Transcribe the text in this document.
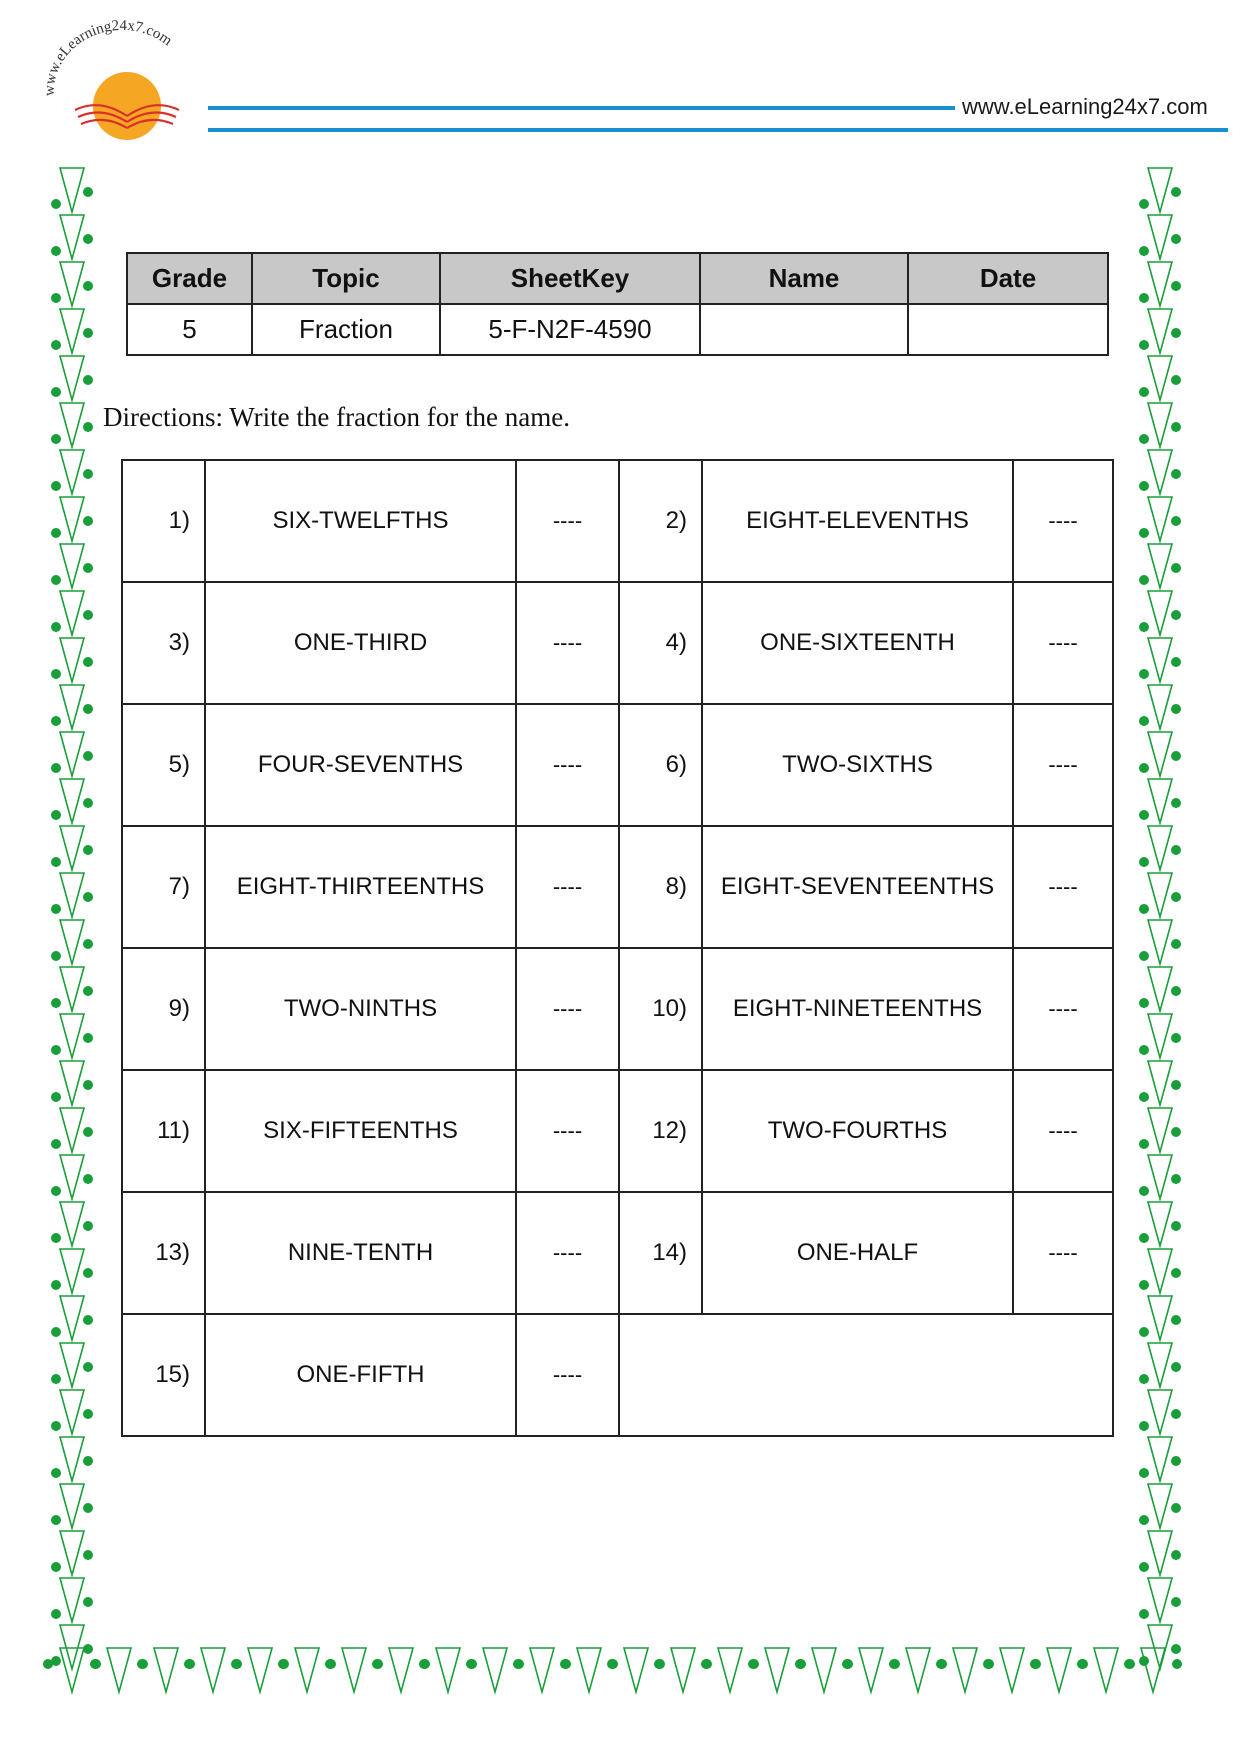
www.eLearning24x7.com
www.eLearning24x7.com
Grade	Topic	SheetKey	Name	Date
5	Fraction	5-F-N2F-4590		
Directions: Write the fraction for the name.
1)	SIX-TWELFTHS	----	2)	EIGHT-ELEVENTHS	----
3)	ONE-THIRD	----	4)	ONE-SIXTEENTH	----
5)	FOUR-SEVENTHS	----	6)	TWO-SIXTHS	----
7)	EIGHT-THIRTEENTHS	----	8)	EIGHT-SEVENTEENTHS	----
9)	TWO-NINTHS	----	10)	EIGHT-NINETEENTHS	----
11)	SIX-FIFTEENTHS	----	12)	TWO-FOURTHS	----
13)	NINE-TENTH	----	14)	ONE-HALF	----
15)	ONE-FIFTH	----			
